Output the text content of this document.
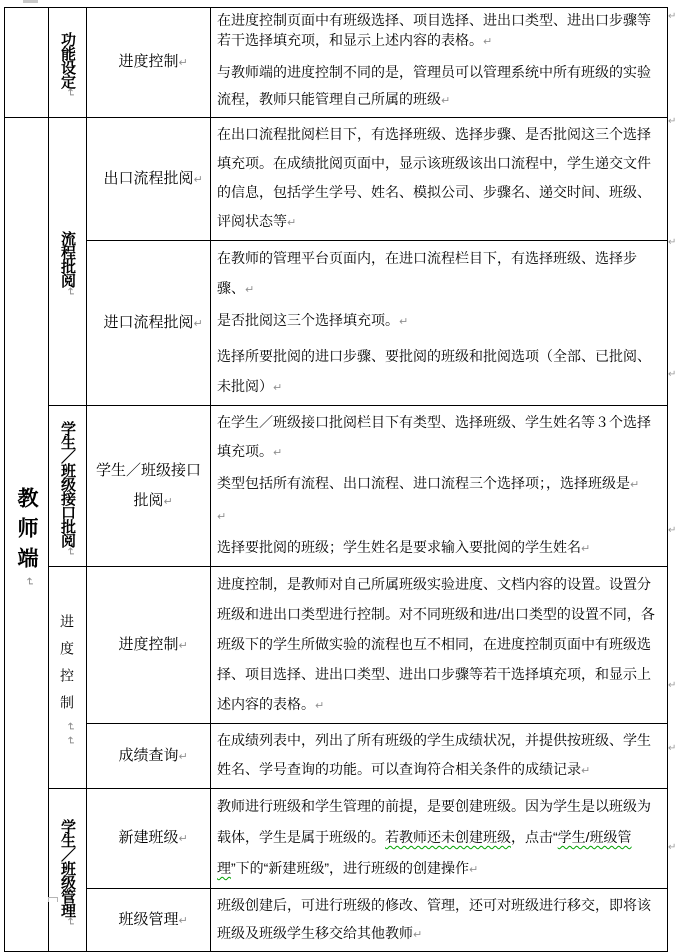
	功能设定↵	进度控制↵	在进度控制页面中有班级选择、项目选择、进出口类型、进出口步骤等若干选择填充项，和显示上述内容的表格。↵
与教师端的进度控制不同的是，管理员可以管理系统中所有班级的实验流程，教师只能管理自己所属的班级↵

教师端↵	流程批阅↵	出口流程批阅↵	在出口流程批阅栏目下，有选择班级、选择步骤、是否批阅这三个选择填充项。在成绩批阅页面中，显示该班级该出口流程中，学生递交文件的信息，包括学生学号、姓名、模拟公司、步骤名、递交时间、班级、评阅状态等↵

		进口流程批阅↵	在教师的管理平台页面内，在进口流程栏目下，有选择班级、选择步骤、↵
是否批阅这三个选择填充项。↵
选择所要批阅的进口步骤、要批阅的班级和批阅选项（全部、已批阅、未批阅）↵

	学生／班级接口批阅↵	学生／班级接口批阅↵	在学生／班级接口批阅栏目下有类型、选择班级、学生姓名等３个选择填充项。↵
类型包括所有流程、出口流程、进口流程三个选择项；，选择班级是↵
↵
选择要批阅的班级；学生姓名是要求输入要批阅的学生姓名↵

	进度控制↵↵	进度控制↵	进度控制，是教师对自己所属班级实验进度、文档内容的设置。设置分班级和进出口类型进行控制。对不同班级和进/出口类型的设置不同，各班级下的学生所做实验的流程也互不相同，在进度控制页面中有班级选择、项目选择、进出口类型、进出口步骤等若干选择填充项，和显示上述内容的表格。↵

		成绩查询↵	在成绩列表中，列出了所有班级的学生成绩状况，并提供按班级、学生姓名、学号查询的功能。可以查询符合相关条件的成绩记录↵

	学生／班级管理↵	新建班级↵	教师进行班级和学生管理的前提，是要创建班级。因为学生是以班级为载体，学生是属于班级的。若教师还未创建班级，点击“学生/班级管理”下的“新建班级”，进行班级的创建操作↵

		班级管理↵	班级创建后，可进行班级的修改、管理，还可对班级进行移交，即将该班级及班级学生移交给其他教师↵
↵
↵
↵
↵
↵
↵
↵
↵
